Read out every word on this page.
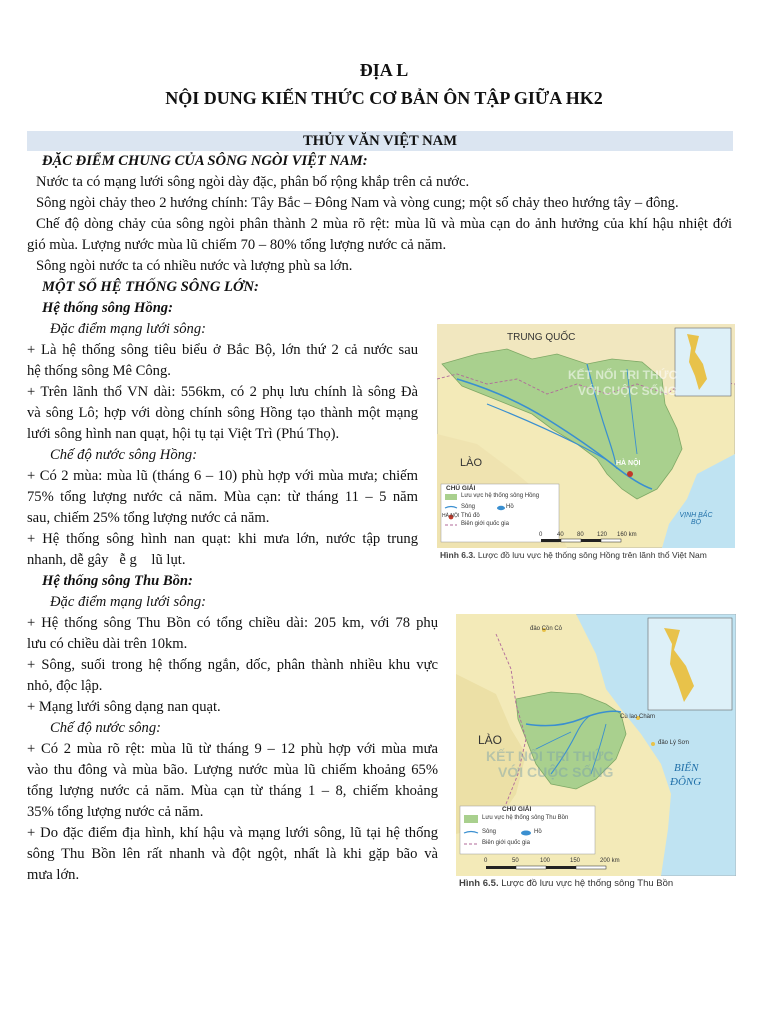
ĐỊA L
NỘI DUNG KIẾN THỨC CƠ BẢN ÔN TẬP GIỮA HK2
THỦY VĂN VIỆT NAM
ĐẶC ĐIỂM CHUNG CỦA SÔNG NGÒI VIỆT NAM:
Nước ta có mạng lưới sông ngòi dày đặc, phân bố rộng khắp trên cả nước.
Sông ngòi chảy theo 2 hướng chính: Tây Bắc – Đông Nam và vòng cung; một số chảy theo hướng tây – đông.
Chế độ dòng chảy của sông ngòi phân thành 2 mùa rõ rệt: mùa lũ và mùa cạn do ảnh hưởng của khí hậu nhiệt đới
gió mùa. Lượng nước mùa lũ chiếm 70 – 80% tổng lượng nước cả năm.
Sông ngòi nước ta có nhiều nước và lượng phù sa lớn.
MỘT SỐ HỆ THỐNG SÔNG LỚN:
Hệ thống sông Hồng:
Đặc điểm mạng lưới sông:
+ Là hệ thống sông tiêu biểu ở Bắc Bộ, lớn thứ 2 cả nước sau
hệ thống sông Mê Công.
+ Trên lãnh thổ VN dài: 556km, có 2 phụ lưu chính là sông Đà
và sông Lô; hợp với dòng chính sông Hồng tạo thành một mạng
lưới sông hình nan quạt, hội tụ tại Việt Trì (Phú Thọ).
Chế độ nước sông Hồng:
+ Có 2 mùa: mùa lũ (tháng 6 – 10) phù hợp với mùa mưa; chiếm
75% tổng lượng nước cả năm. Mùa cạn: từ tháng 11 – 5 năm
sau, chiếm 25% tổng lượng nước cả năm.
+ Hệ thống sông hình nan quạt: khi mưa lớn, nước tập trung
nhanh, dễ gây   ễ g    lũ lụt.
Hệ thống sông Thu Bồn:
Đặc điểm mạng lưới sông:
+ Hệ thống sông Thu Bồn có tổng chiều dài: 205 km, với 78 phụ
lưu có chiều dài trên 10km.
+ Sông, suối trong hệ thống ngắn, dốc, phân thành nhiều khu vực
nhỏ, độc lập.
+ Mạng lưới sông dạng nan quạt.
Chế độ nước sông:
+ Có 2 mùa rõ rệt: mùa lũ từ tháng 9 – 12 phù hợp với mùa mưa
vào thu đông và mùa bão. Lượng nước mùa lũ chiếm khoảng 65%
tổng lượng nước cả năm. Mùa cạn từ tháng 1 – 8, chiếm khoảng
35% tổng lượng nước cả năm.
+ Do đặc điểm địa hình, khí hậu và mạng lưới sông, lũ tại hệ thống
sông Thu Bồn lên rất nhanh và đột ngột, nhất là khi gặp bão và
mưa lớn.
TRUNG QUỐC
LÀO	HÀ NỘI
VỊNH BẮC BỘ
KẾT NỐI TRI THỨC
VỚI CUỘC SỐNG
CHÚ GIẢI
Lưu vực hệ thống sông Hồng
Sông	Hồ
HÀ NỘI Thủ đô
Biên giới quốc gia
0 40 80 120 160 km
Hình 6.3. Lược đồ lưu vực hệ thống sông Hồng trên lãnh thổ Việt Nam
đảo Cồn Cỏ
Cù lao Chàm
đảo Lý Sơn
LÀO
BIỂN
ĐÔNG
KẾT NỐI TRI THỨC
VỚI CUỘC SỐNG
CHÚ GIẢI
Lưu vực hệ thống sông Thu Bồn
Sông	Hồ
Biên giới quốc gia
0	50	100	150	200 km
Hình 6.5. Lược đồ lưu vực hệ thống sông Thu Bồn
